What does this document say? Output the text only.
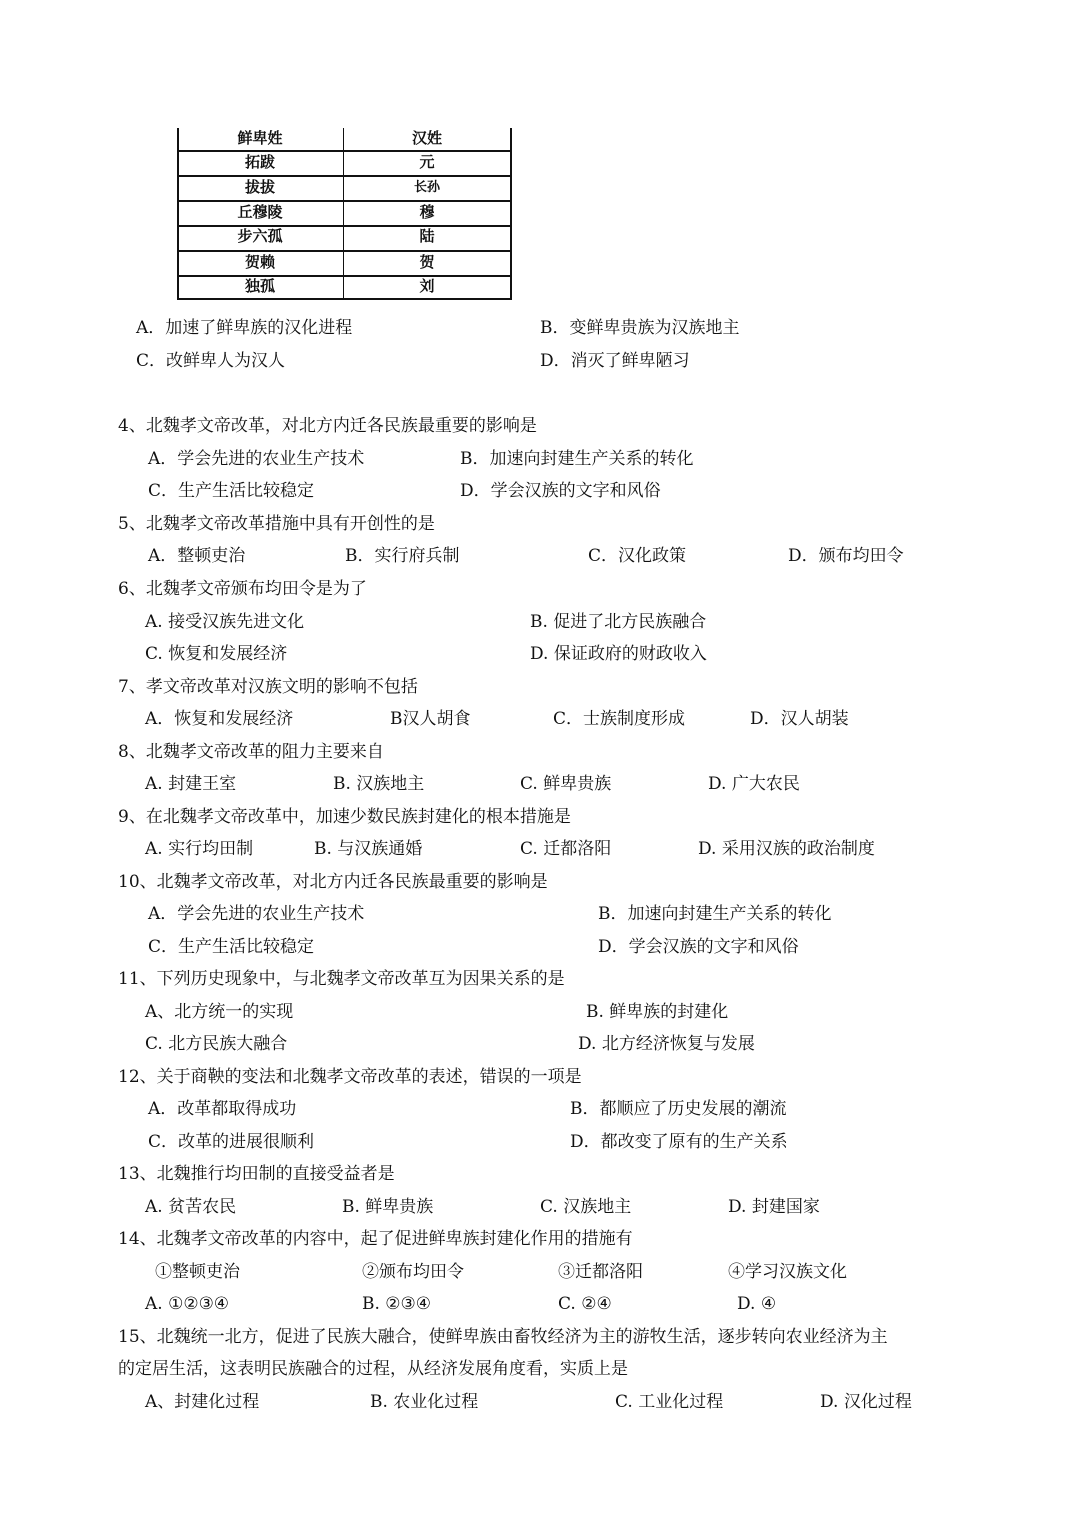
鲜卑姓	汉姓
拓跋	元
拔拔	长孙
丘穆陵	穆
步六孤	陆
贺赖	贺
独孤	刘
A．加速了鲜卑族的汉化进程	B．变鲜卑贵族为汉族地主
C．改鲜卑人为汉人	D．消灭了鲜卑陋习
4、北魏孝文帝改革，对北方内迁各民族最重要的影响是
A．学会先进的农业生产技术	B．加速向封建生产关系的转化
C．生产生活比较稳定	D．学会汉族的文字和风俗
5、北魏孝文帝改革措施中具有开创性的是
A．整顿吏治	B．实行府兵制	C．汉化政策	D．颁布均田令
6、北魏孝文帝颁布均田令是为了
A. 接受汉族先进文化	B. 促进了北方民族融合
C. 恢复和发展经济	D. 保证政府的财政收入
7、孝文帝改革对汉族文明的影响不包括
A．恢复和发展经济	B汉人胡食	C．士族制度形成	D．汉人胡装
8、北魏孝文帝改革的阻力主要来自
A. 封建王室	B. 汉族地主	C. 鲜卑贵族	D. 广大农民
9、在北魏孝文帝改革中，加速少数民族封建化的根本措施是
A. 实行均田制	B. 与汉族通婚	C. 迁都洛阳	D. 采用汉族的政治制度
10、北魏孝文帝改革，对北方内迁各民族最重要的影响是
A．学会先进的农业生产技术	B．加速向封建生产关系的转化
C．生产生活比较稳定	D．学会汉族的文字和风俗
11、下列历史现象中，与北魏孝文帝改革互为因果关系的是
A、北方统一的实现	B. 鲜卑族的封建化
C. 北方民族大融合	D. 北方经济恢复与发展
12、关于商鞅的变法和北魏孝文帝改革的表述，错误的一项是
A．改革都取得成功	B．都顺应了历史发展的潮流
C．改革的进展很顺利	D．都改变了原有的生产关系
13、北魏推行均田制的直接受益者是
A. 贫苦农民	B. 鲜卑贵族	C. 汉族地主	D. 封建国家
14、北魏孝文帝改革的内容中，起了促进鲜卑族封建化作用的措施有
①整顿吏治	②颁布均田令	③迁都洛阳	④学习汉族文化
A. ①②③④	B. ②③④	C. ②④	D. ④
15、北魏统一北方，促进了民族大融合，使鲜卑族由畜牧经济为主的游牧生活，逐步转向农业经济为主
的定居生活，这表明民族融合的过程，从经济发展角度看，实质上是
A、封建化过程	B. 农业化过程	C. 工业化过程	D. 汉化过程
